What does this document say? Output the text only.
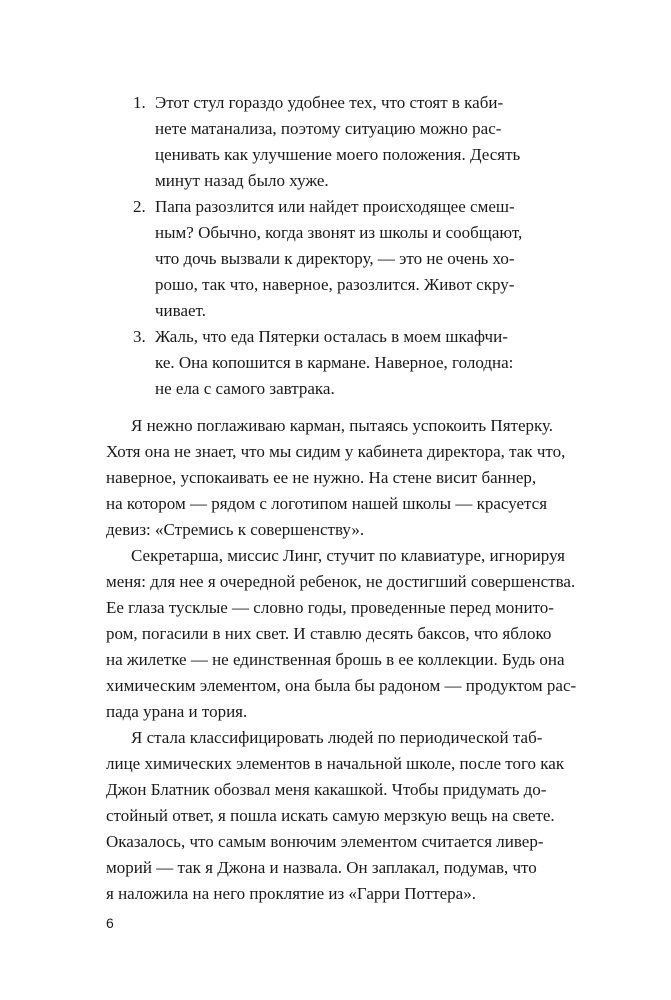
1. Этот стул гораздо удобнее тех, что стоят в каби-
нете матанализа, поэтому ситуацию можно рас-
ценивать как улучшение моего положения. Десять
минут назад было хуже.
2. Папа разозлится или найдет происходящее смеш-
ным? Обычно, когда звонят из школы и сообщают,
что дочь вызвали к директору, — это не очень хо-
рошо, так что, наверное, разозлится. Живот скру-
чивает.
3. Жаль, что еда Пятерки осталась в моем шкафчи-
ке. Она копошится в кармане. Наверное, голодна:
не ела с самого завтрака.

Я нежно поглаживаю карман, пытаясь успокоить Пятерку.
Хотя она не знает, что мы сидим у кабинета директора, так что,
наверное, успокаивать ее не нужно. На стене висит баннер,
на котором — рядом с логотипом нашей школы — красуется
девиз: «Стремись к совершенству».

Секретарша, миссис Линг, стучит по клавиатуре, игнорируя
меня: для нее я очередной ребенок, не достигший совершенства.
Ее глаза тусклые — словно годы, проведенные перед монито-
ром, погасили в них свет. И ставлю десять баксов, что яблоко
на жилетке — не единственная брошь в ее коллекции. Будь она
химическим элементом, она была бы радоном — продуктом рас-
пада урана и тория.

Я стала классифицировать людей по периодической таб-
лице химических элементов в начальной школе, после того как
Джон Блатник обозвал меня какашкой. Чтобы придумать до-
стойный ответ, я пошла искать самую мерзкую вещь на свете.
Оказалось, что самым вонючим элементом считается ливер-
морий — так я Джона и назвала. Он заплакал, подумав, что
я наложила на него проклятие из «Гарри Поттера».

6
